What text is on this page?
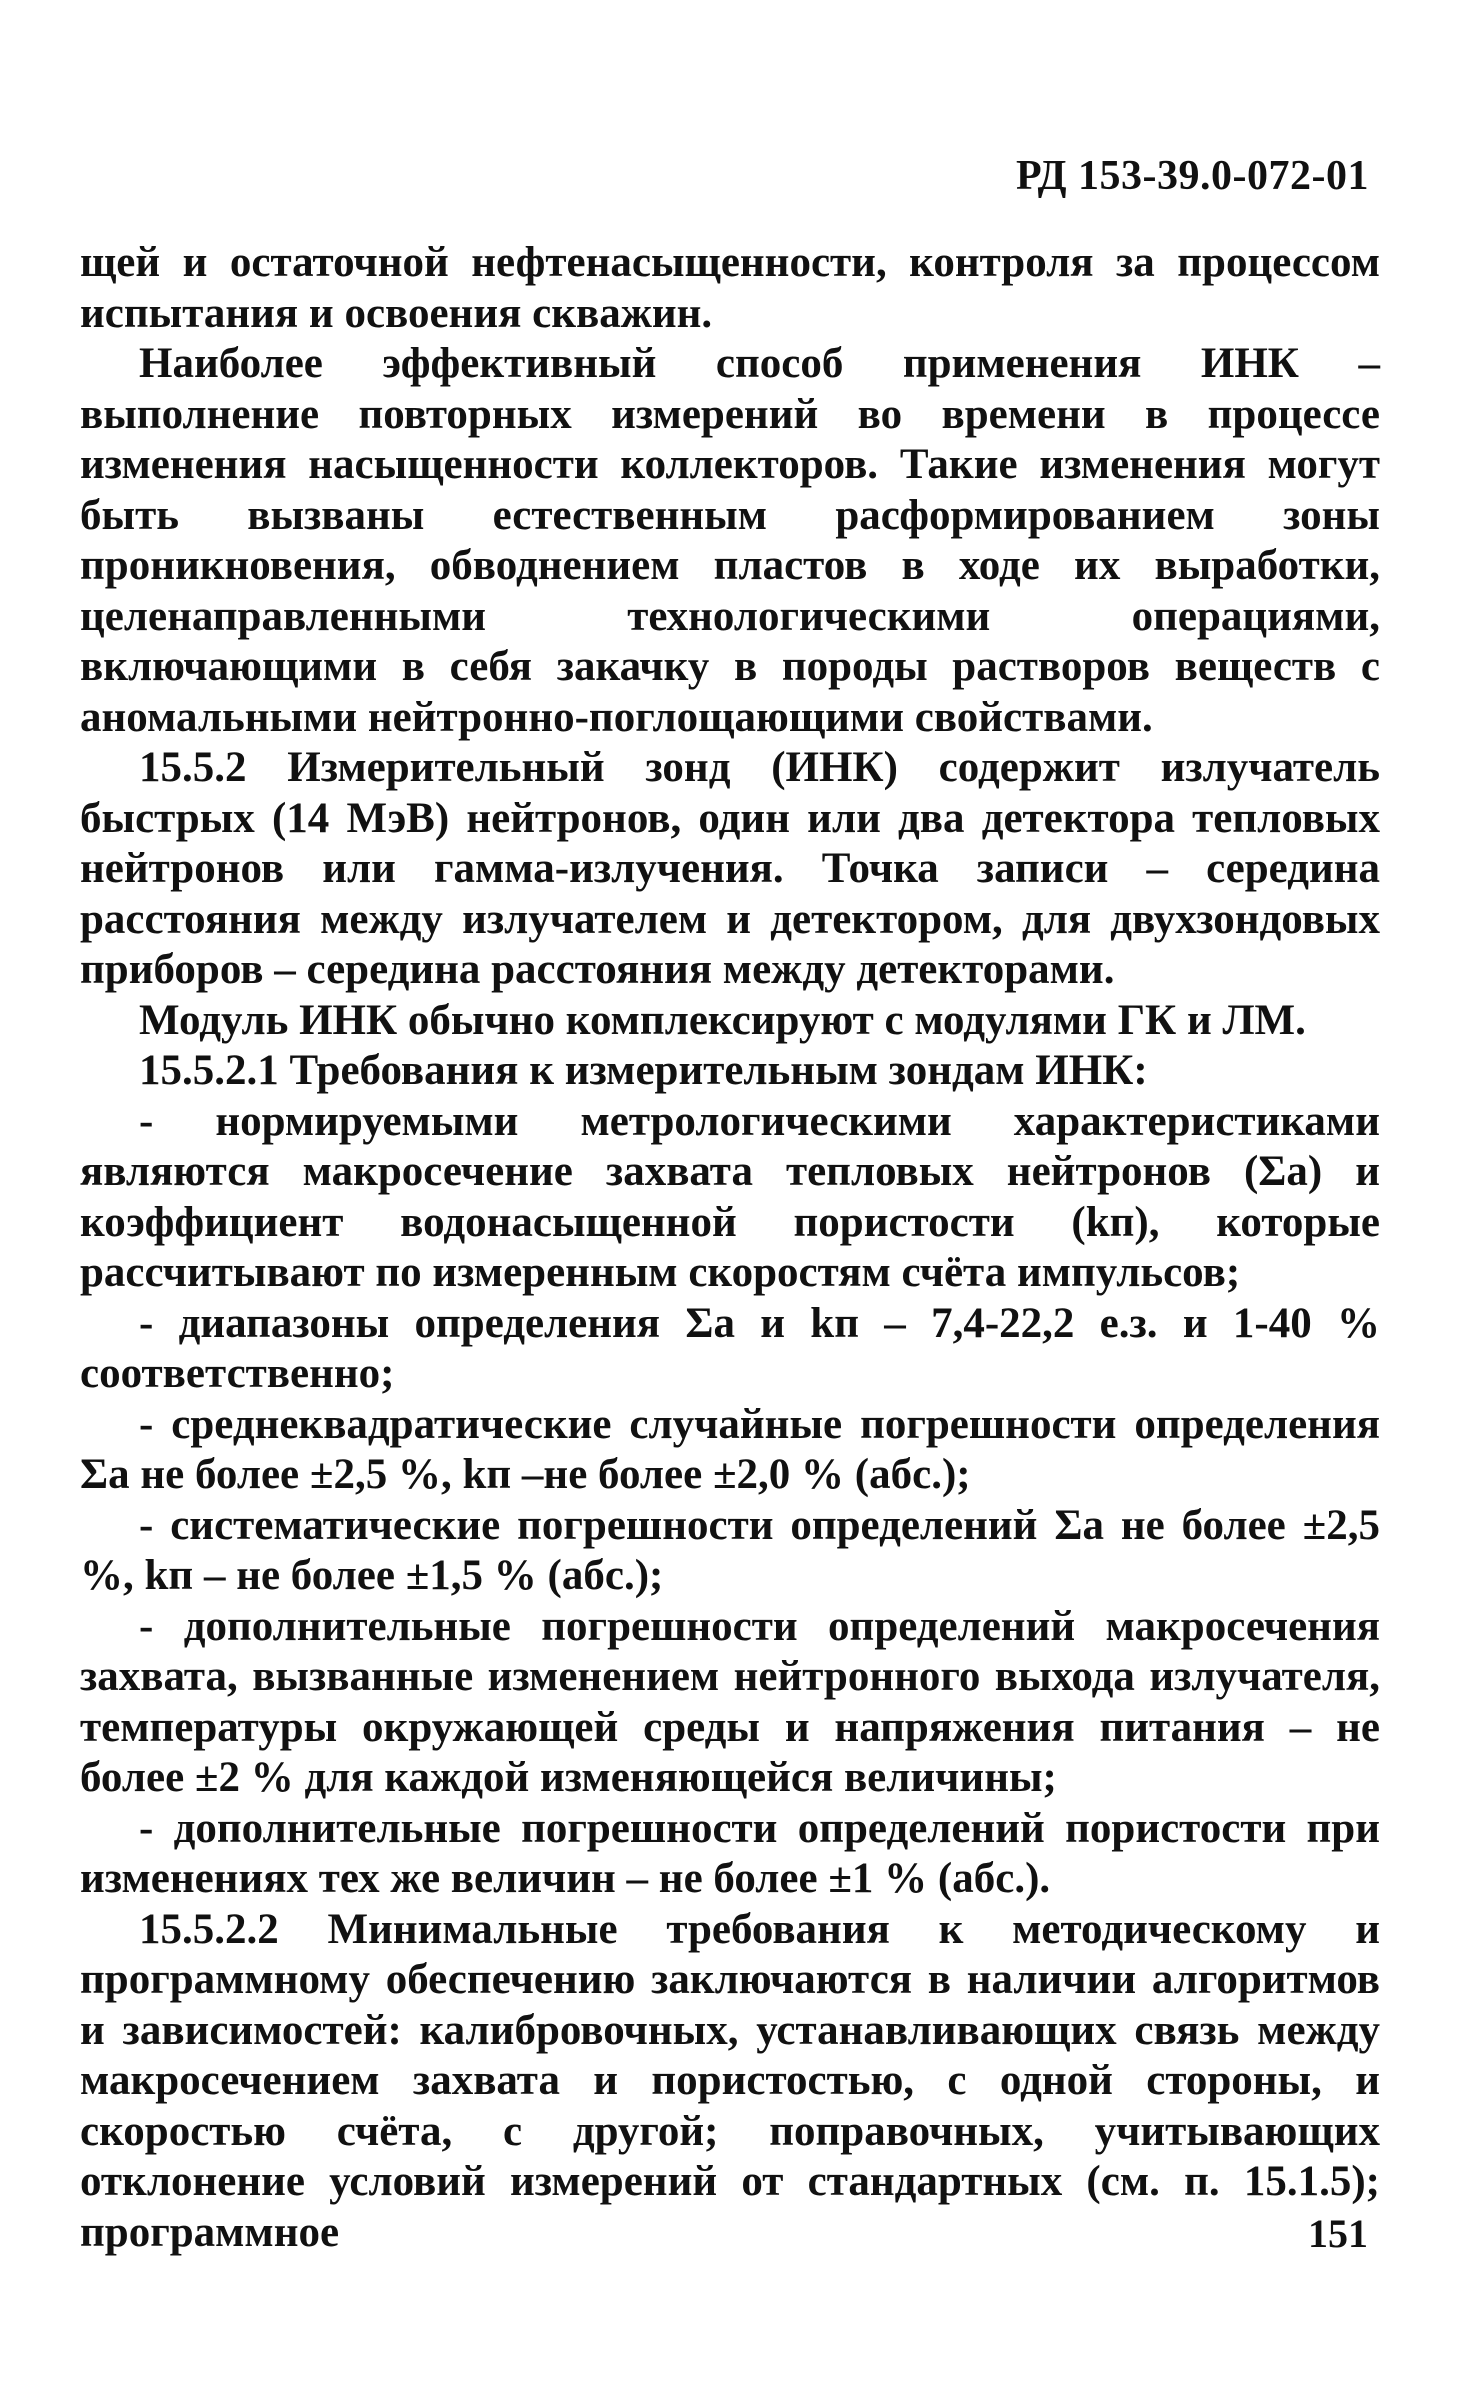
РД 153-39.0-072-01

щей и остаточной нефтенасыщенности, контроля за процессом испытания и освоения скважин.

Наиболее эффективный способ применения ИНК – выполнение повторных измерений во времени в процессе изменения насыщенности коллекторов. Такие изменения могут быть вызваны естественным расформированием зоны проникновения, обводнением пластов в ходе их выработки, целенаправленными технологическими операциями, включающими в себя закачку в породы растворов веществ с аномальными нейтронно-поглощающими свойствами.

15.5.2 Измерительный зонд (ИНК) содержит излучатель быстрых (14 МэВ) нейтронов, один или два детектора тепловых нейтронов или гамма-излучения. Точка записи – середина расстояния между излучателем и детектором, для двухзондовых приборов – середина расстояния между детекторами.

Модуль ИНК обычно комплексируют с модулями ГК и ЛМ.

15.5.2.1 Требования к измерительным зондам ИНК:

- нормируемыми метрологическими характеристиками являются макросечение захвата тепловых нейтронов (Σа) и коэффициент водонасыщенной пористости (kп), которые рассчитывают по измеренным скоростям счёта импульсов;

- диапазоны определения Σа и kп – 7,4-22,2 е.з. и 1-40 % соответственно;

- среднеквадратические случайные погрешности определения Σа не более ±2,5 %, kп –не более ±2,0 % (абс.);

- систематические погрешности определений Σа не более ±2,5 %, kп – не более ±1,5 % (абс.);

- дополнительные погрешности определений макросечения захвата, вызванные изменением нейтронного выхода излучателя, температуры окружающей среды и напряжения питания – не более ±2 % для каждой изменяющейся величины;

- дополнительные погрешности определений пористости при изменениях тех же величин – не более ±1 % (абс.).

15.5.2.2 Минимальные требования к методическому и программному обеспечению заключаются в наличии алгоритмов и зависимостей: калибровочных, устанавливающих связь между макросечением захвата и пористостью, с одной стороны, и скоростью счёта, с другой; поправочных, учитывающих отклонение условий измерений от стандартных (см. п. 15.1.5); программное	151
